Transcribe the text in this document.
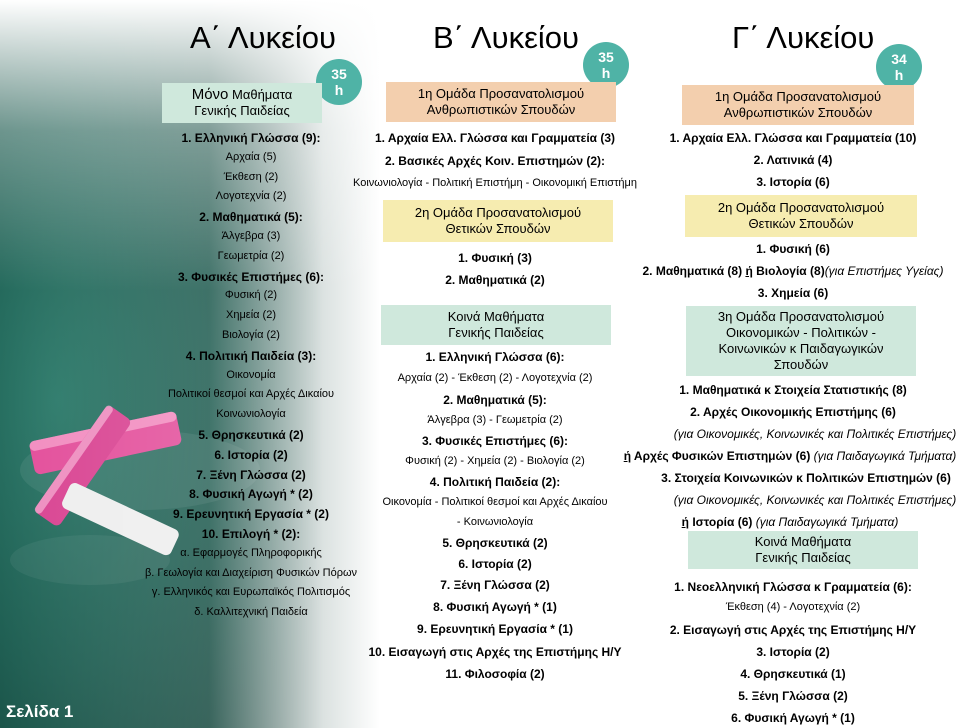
Σελίδα 1
Α΄ Λυκείου
35
h
Μόνο Μαθήματα
Γενικής Παιδείας
1. Ελληνική Γλώσσα (9):
Αρχαία (5)
Έκθεση (2)
Λογοτεχνία (2)
2. Μαθηματικά (5):
Άλγεβρα (3)
Γεωμετρία (2)
3. Φυσικές Επιστήμες (6):
Φυσική (2)
Χημεία (2)
Βιολογία (2)
4. Πολιτική Παιδεία (3):
Οικονομία
Πολιτικοί θεσμοί και Αρχές Δικαίου
Κοινωνιολογία
5. Θρησκευτικά (2)
6. Ιστορία (2)
7. Ξένη Γλώσσα (2)
8. Φυσική Αγωγή * (2)
9. Ερευνητική Εργασία * (2)
10. Επιλογή * (2):
α. Εφαρμογές Πληροφορικής
β. Γεωλογία και Διαχείριση Φυσικών Πόρων
γ. Ελληνικός και Ευρωπαϊκός Πολιτισμός
δ. Καλλιτεχνική Παιδεία
Β΄ Λυκείου
35
h
1η Ομάδα Προσανατολισμού
Ανθρωπιστικών Σπουδών
2η Ομάδα Προσανατολισμού
Θετικών Σπουδών
Κοινά Μαθήματα
Γενικής Παιδείας
1. Αρχαία Ελλ. Γλώσσα και Γραμματεία (3)
2. Βασικές Αρχές Κοιν. Επιστημών (2):
Κοινωνιολογία - Πολιτική Επιστήμη - Οικονομική Επιστήμη
1. Φυσική (3)
2. Μαθηματικά (2)
1. Ελληνική Γλώσσα (6):
Αρχαία (2) - Έκθεση (2) - Λογοτεχνία (2)
2. Μαθηματικά (5):
Άλγεβρα (3) - Γεωμετρία (2)
3. Φυσικές Επιστήμες (6):
Φυσική (2) - Χημεία (2) - Βιολογία (2)
4. Πολιτική Παιδεία (2):
Οικονομία - Πολιτικοί θεσμοί και Αρχές Δικαίου
- Κοινωνιολογία
5. Θρησκευτικά (2)
6. Ιστορία (2)
7. Ξένη Γλώσσα (2)
8. Φυσική Αγωγή * (1)
9. Ερευνητική Εργασία * (1)
10. Εισαγωγή στις Αρχές της Επιστήμης Η/Υ
11. Φιλοσοφία (2)
Γ΄ Λυκείου
34
h
1η Ομάδα Προσανατολισμού
Ανθρωπιστικών Σπουδών
2η Ομάδα Προσανατολισμού
Θετικών Σπουδών
3η Ομάδα Προσανατολισμού
Οικονομικών - Πολιτικών -
Κοινωνικών κ Παιδαγωγικών
Σπουδών
Κοινά Μαθήματα
Γενικής Παιδείας
1. Αρχαία Ελλ. Γλώσσα και Γραμματεία (10)
2. Λατινικά (4)
3. Ιστορία (6)
1. Φυσική (6)
2. Μαθηματικά (8) ή Βιολογία (8)(για Επιστήμες Υγείας)
3. Χημεία (6)
1. Μαθηματικά κ Στοιχεία Στατιστικής (8)
2. Αρχές Οικονομικής Επιστήμης (6)
(για Οικονομικές, Κοινωνικές και Πολιτικές Επιστήμες)
ή Αρχές Φυσικών Επιστημών (6) (για Παιδαγωγικά Τμήματα)
3. Στοιχεία Κοινωνικών κ Πολιτικών Επιστημών (6)
(για Οικονομικές, Κοινωνικές και Πολιτικές Επιστήμες)
ή Ιστορία (6) (για Παιδαγωγικά Τμήματα)
1. Νεοελληνική Γλώσσα κ Γραμματεία (6):
Έκθεση (4) - Λογοτεχνία (2)
2. Εισαγωγή στις Αρχές της Επιστήμης Η/Υ
3. Ιστορία (2)
4. Θρησκευτικά (1)
5. Ξένη Γλώσσα (2)
6. Φυσική Αγωγή * (1)
